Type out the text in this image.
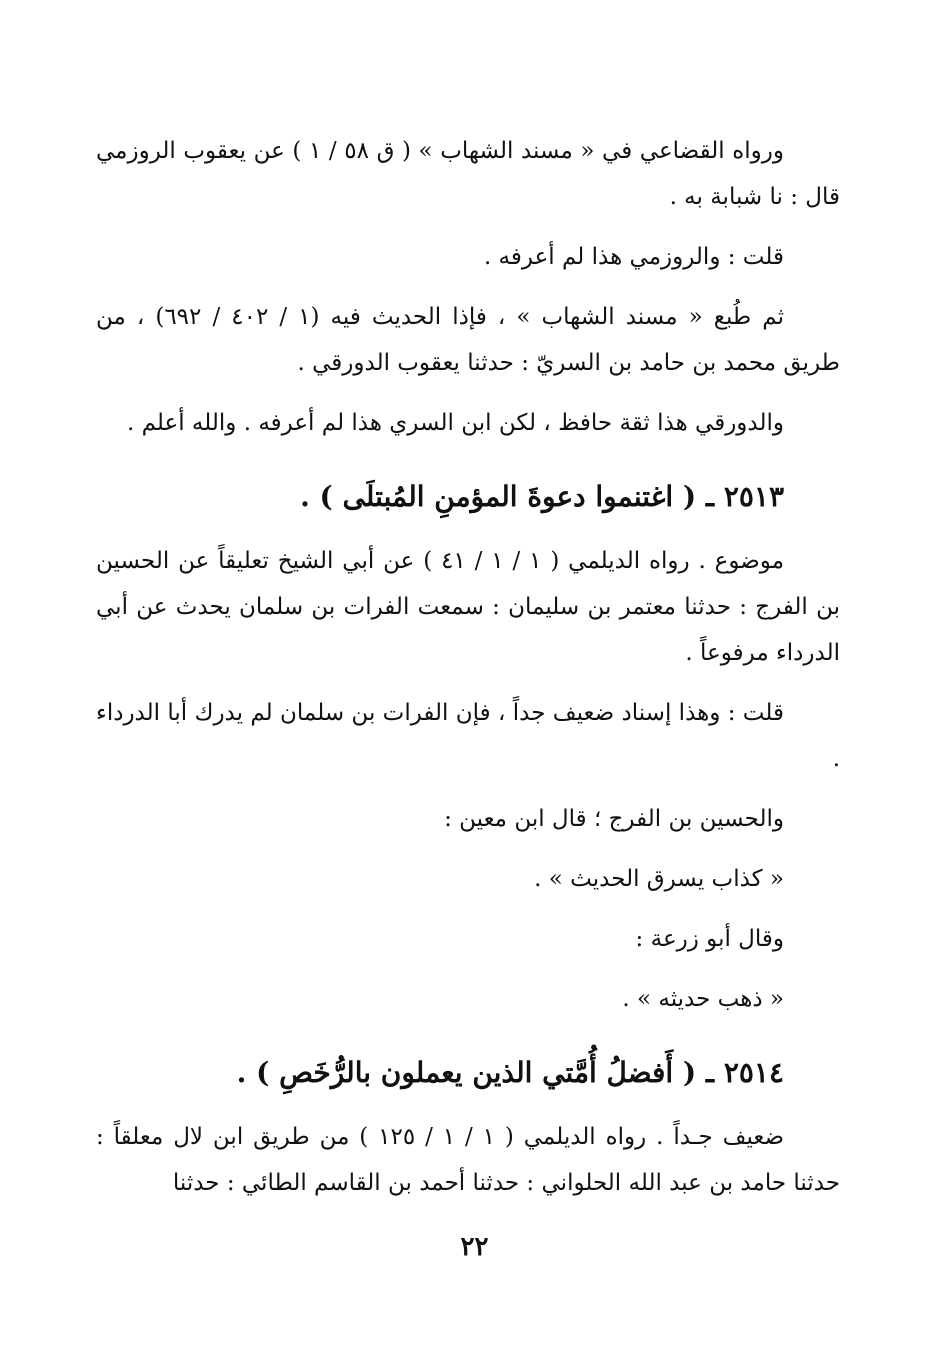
ورواه القضاعي في « مسند الشهاب » ( ق ٥٨ / ١ ) عن يعقوب الروزمي قال : نا شبابة به .

قلت : والروزمي هذا لم أعرفه .

ثم طُبع « مسند الشهاب » ، فإذا الحديث فيه (١ / ٤٠٢ / ٦٩٢) ، من طريق محمد بن حامد بن السريّ : حدثنا يعقوب الدورقي .

والدورقي هذا ثقة حافظ ، لكن ابن السري هذا لم أعرفه . والله أعلم .

٢٥١٣ ـ ( اغتنموا دعوةَ المؤمنِ المُبتلَى ) .

موضوع . رواه الديلمي ( ١ / ١ / ٤١ ) عن أبي الشيخ تعليقاً عن الحسين بن الفرج : حدثنا معتمر بن سليمان : سمعت الفرات بن سلمان يحدث عن أبي الدرداء مرفوعاً .

قلت : وهذا إسناد ضعيف جداً ، فإن الفرات بن سلمان لم يدرك أبا الدرداء .

والحسين بن الفرج ؛ قال ابن معين :

« كذاب يسرق الحديث » .

وقال أبو زرعة :

« ذهب حديثه » .

٢٥١٤ ـ ( أَفضلُ أُمَّتي الذين يعملون بالرُّخَصِ ) .

ضعيف جـداً . رواه الديلمي ( ١ / ١ / ١٢٥ ) من طريق ابن لال معلقاً : حدثنا حامد بن عبد الله الحلواني : حدثنا أحمد بن القاسم الطائي : حدثنا

٢٢
